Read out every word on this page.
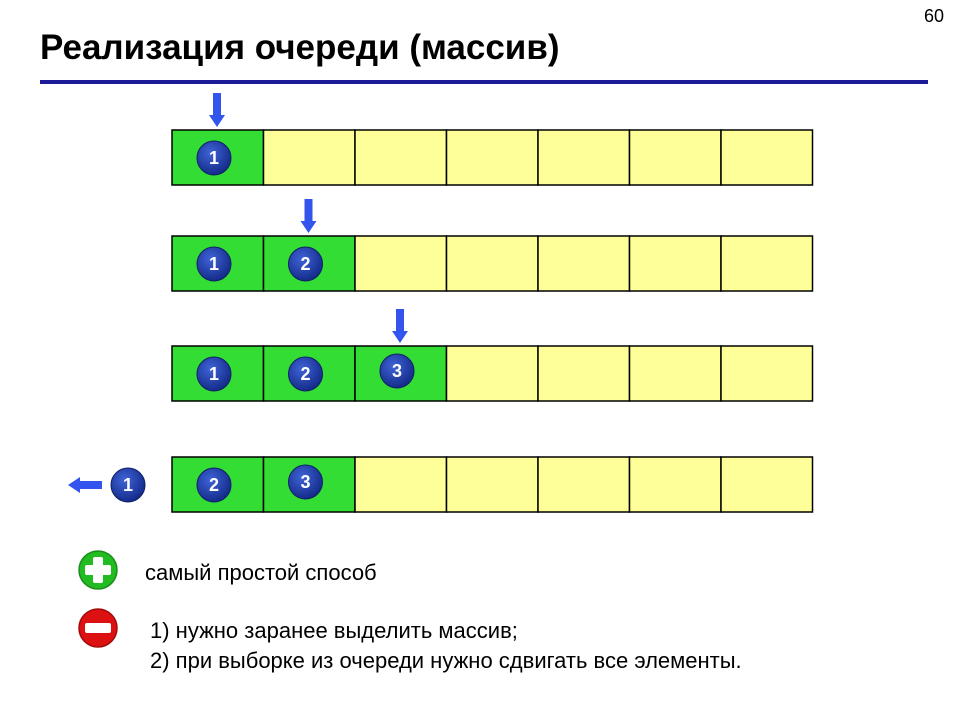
60
Реализация очереди (массив)
1
1	2
1	2	3
2	3
1
самый простой способ
1) нужно заранее выделить массив;
2) при выборке из очереди нужно сдвигать все элементы.
